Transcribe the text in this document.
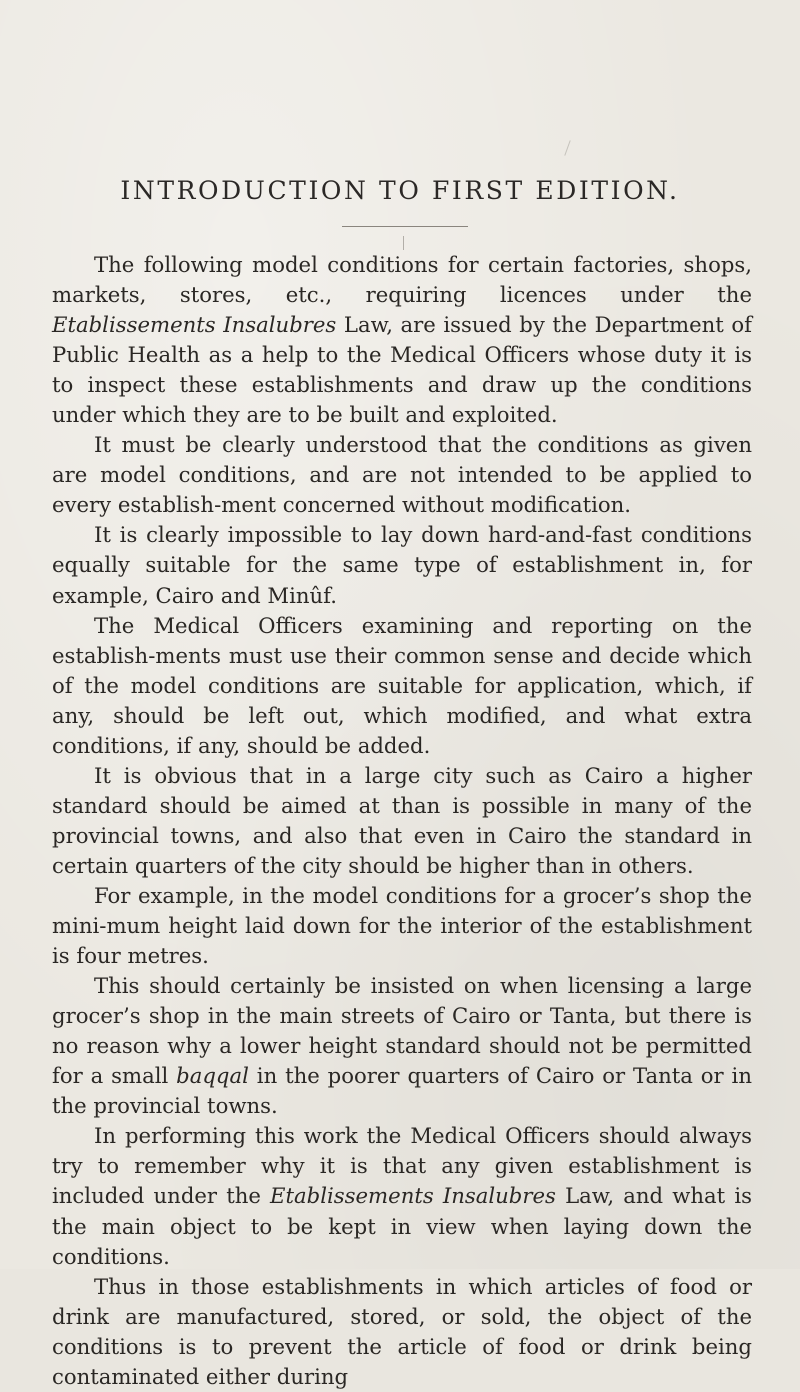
INTRODUCTION TO FIRST EDITION.

The following model conditions for certain factories, shops, markets, stores, etc., requiring licences under the Etablissements Insalubres Law, are issued by the Department of Public Health as a help to the Medical Officers whose duty it is to inspect these establishments and draw up the conditions under which they are to be built and exploited.

It must be clearly understood that the conditions as given are model conditions, and are not intended to be applied to every establish-ment concerned without modification.

It is clearly impossible to lay down hard-and-fast conditions equally suitable for the same type of establishment in, for example, Cairo and Minûf.

The Medical Officers examining and reporting on the establish-ments must use their common sense and decide which of the model conditions are suitable for application, which, if any, should be left out, which modified, and what extra conditions, if any, should be added.

It is obvious that in a large city such as Cairo a higher standard should be aimed at than is possible in many of the provincial towns, and also that even in Cairo the standard in certain quarters of the city should be higher than in others.

For example, in the model conditions for a grocer’s shop the mini-mum height laid down for the interior of the establishment is four metres.

This should certainly be insisted on when licensing a large grocer’s shop in the main streets of Cairo or Tanta, but there is no reason why a lower height standard should not be permitted for a small baqqal in the poorer quarters of Cairo or Tanta or in the provincial towns.

In performing this work the Medical Officers should always try to remember why it is that any given establishment is included under the Etablissements Insalubres Law, and what is the main object to be kept in view when laying down the conditions.

Thus in those establishments in which articles of food or drink are manufactured, stored, or sold, the object of the conditions is to prevent the article of food or drink being contaminated either during
